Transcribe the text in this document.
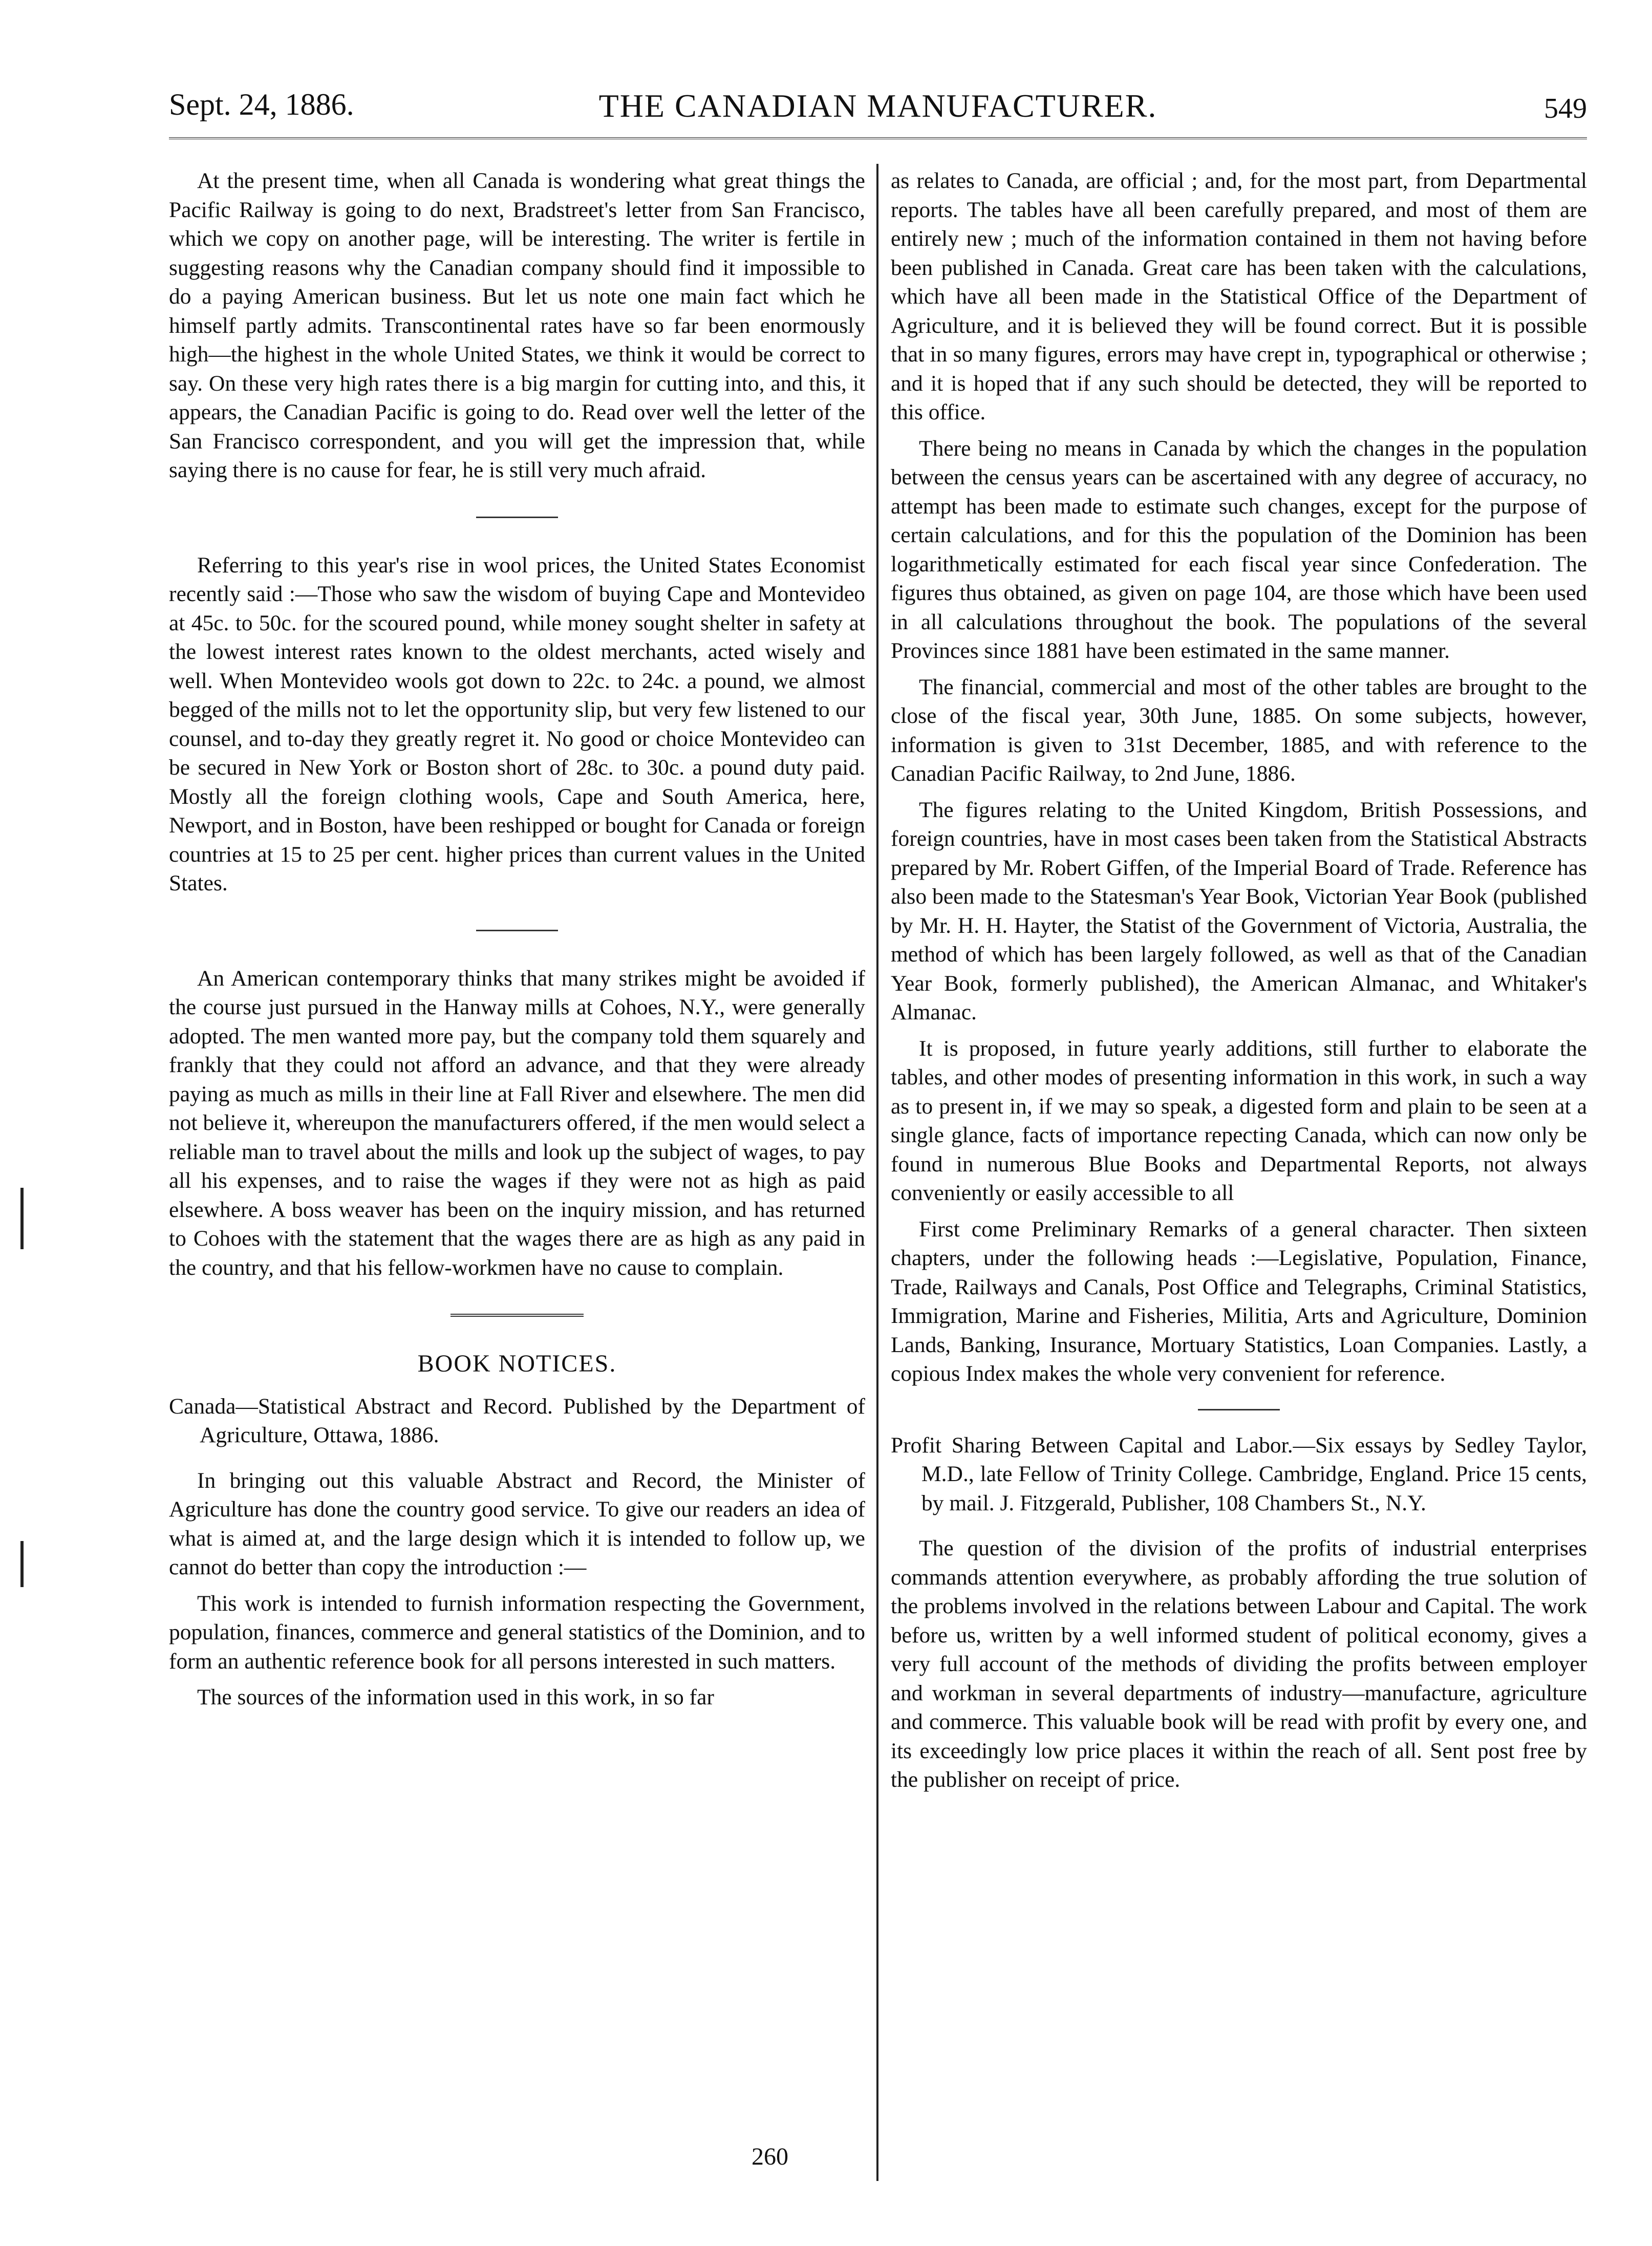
Sept. 24, 1886.	THE CANADIAN MANUFACTURER.	549

At the present time, when all Canada is wondering what great things the Pacific Railway is going to do next, Bradstreet's letter from San Francisco, which we copy on another page, will be interesting. The writer is fertile in suggesting reasons why the Canadian company should find it impossible to do a paying American business. But let us note one main fact which he himself partly admits. Transcontinental rates have so far been enormously high—the highest in the whole United States, we think it would be correct to say. On these very high rates there is a big margin for cutting into, and this, it appears, the Canadian Pacific is going to do. Read over well the letter of the San Francisco correspondent, and you will get the impression that, while saying there is no cause for fear, he is still very much afraid.

Referring to this year's rise in wool prices, the United States Economist recently said :—Those who saw the wisdom of buying Cape and Montevideo at 45c. to 50c. for the scoured pound, while money sought shelter in safety at the lowest interest rates known to the oldest merchants, acted wisely and well. When Montevideo wools got down to 22c. to 24c. a pound, we almost begged of the mills not to let the opportunity slip, but very few listened to our counsel, and to-day they greatly regret it. No good or choice Montevideo can be secured in New York or Boston short of 28c. to 30c. a pound duty paid. Mostly all the foreign clothing wools, Cape and South America, here, Newport, and in Boston, have been reshipped or bought for Canada or foreign countries at 15 to 25 per cent. higher prices than current values in the United States.

An American contemporary thinks that many strikes might be avoided if the course just pursued in the Hanway mills at Cohoes, N.Y., were generally adopted. The men wanted more pay, but the company told them squarely and frankly that they could not afford an advance, and that they were already paying as much as mills in their line at Fall River and elsewhere. The men did not believe it, whereupon the manufacturers offered, if the men would select a reliable man to travel about the mills and look up the subject of wages, to pay all his expenses, and to raise the wages if they were not as high as paid elsewhere. A boss weaver has been on the inquiry mission, and has returned to Cohoes with the statement that the wages there are as high as any paid in the country, and that his fellow-workmen have no cause to complain.

BOOK NOTICES.

Canada—Statistical Abstract and Record. Published by the Department of Agriculture, Ottawa, 1886.

In bringing out this valuable Abstract and Record, the Minister of Agriculture has done the country good service. To give our readers an idea of what is aimed at, and the large design which it is intended to follow up, we cannot do better than copy the introduction :—

This work is intended to furnish information respecting the Government, population, finances, commerce and general statistics of the Dominion, and to form an authentic reference book for all persons interested in such matters.

The sources of the information used in this work, in so far

as relates to Canada, are official ; and, for the most part, from Departmental reports. The tables have all been carefully prepared, and most of them are entirely new ; much of the information contained in them not having before been published in Canada. Great care has been taken with the calculations, which have all been made in the Statistical Office of the Department of Agriculture, and it is believed they will be found correct. But it is possible that in so many figures, errors may have crept in, typographical or otherwise ; and it is hoped that if any such should be detected, they will be reported to this office.

There being no means in Canada by which the changes in the population between the census years can be ascertained with any degree of accuracy, no attempt has been made to estimate such changes, except for the purpose of certain calculations, and for this the population of the Dominion has been logarithmetically estimated for each fiscal year since Confederation. The figures thus obtained, as given on page 104, are those which have been used in all calculations throughout the book. The populations of the several Provinces since 1881 have been estimated in the same manner.

The financial, commercial and most of the other tables are brought to the close of the fiscal year, 30th June, 1885. On some subjects, however, information is given to 31st December, 1885, and with reference to the Canadian Pacific Railway, to 2nd June, 1886.

The figures relating to the United Kingdom, British Possessions, and foreign countries, have in most cases been taken from the Statistical Abstracts prepared by Mr. Robert Giffen, of the Imperial Board of Trade. Reference has also been made to the Statesman's Year Book, Victorian Year Book (published by Mr. H. H. Hayter, the Statist of the Government of Victoria, Australia, the method of which has been largely followed, as well as that of the Canadian Year Book, formerly published), the American Almanac, and Whitaker's Almanac.

It is proposed, in future yearly additions, still further to elaborate the tables, and other modes of presenting information in this work, in such a way as to present in, if we may so speak, a digested form and plain to be seen at a single glance, facts of importance repecting Canada, which can now only be found in numerous Blue Books and Departmental Reports, not always conveniently or easily accessible to all

First come Preliminary Remarks of a general character. Then sixteen chapters, under the following heads :—Legislative, Population, Finance, Trade, Railways and Canals, Post Office and Telegraphs, Criminal Statistics, Immigration, Marine and Fisheries, Militia, Arts and Agriculture, Dominion Lands, Banking, Insurance, Mortuary Statistics, Loan Companies. Lastly, a copious Index makes the whole very convenient for reference.

Profit Sharing Between Capital and Labor.—Six essays by Sedley Taylor, M.D., late Fellow of Trinity College. Cambridge, England. Price 15 cents, by mail. J. Fitzgerald, Publisher, 108 Chambers St., N.Y.

The question of the division of the profits of industrial enterprises commands attention everywhere, as probably affording the true solution of the problems involved in the relations between Labour and Capital. The work before us, written by a well informed student of political economy, gives a very full account of the methods of dividing the profits between employer and workman in several departments of industry—manufacture, agriculture and commerce. This valuable book will be read with profit by every one, and its exceedingly low price places it within the reach of all. Sent post free by the publisher on receipt of price.

260
